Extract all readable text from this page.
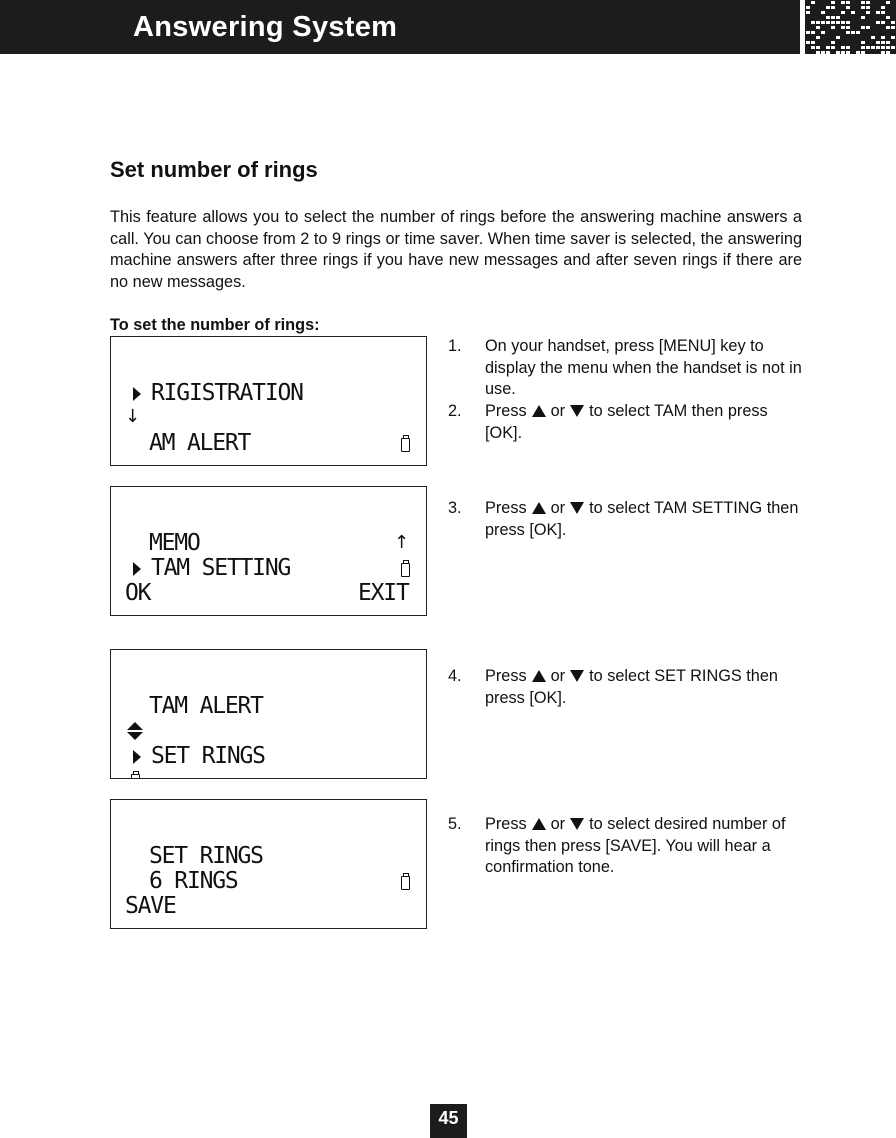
Answering System
Set number of rings

This feature allows you to select the number of rings before the answering machine answers a call. You can choose from 2 to 9 rings or time saver. When time saver is selected, the answering machine answers after three rings if you have new messages and after seven rings if there are no new messages.

To set the number of rings:
RIGISTRATION
↓
AM ALERT
MEMO	↑
TAM SETTING
OK	EXIT
TAM ALERT
SET RINGS
SET RINGS
6 RINGS
SAVE
1. On your handset, press [MENU] key to display the menu when the handset is not in use.
2. Press or to select TAM then press [OK].
3. Press or to select TAM SETTING then press [OK].
4. Press or to select SET RINGS then press [OK].
5. Press or to select desired number of rings then press [SAVE]. You will hear a confirmation tone.
45
